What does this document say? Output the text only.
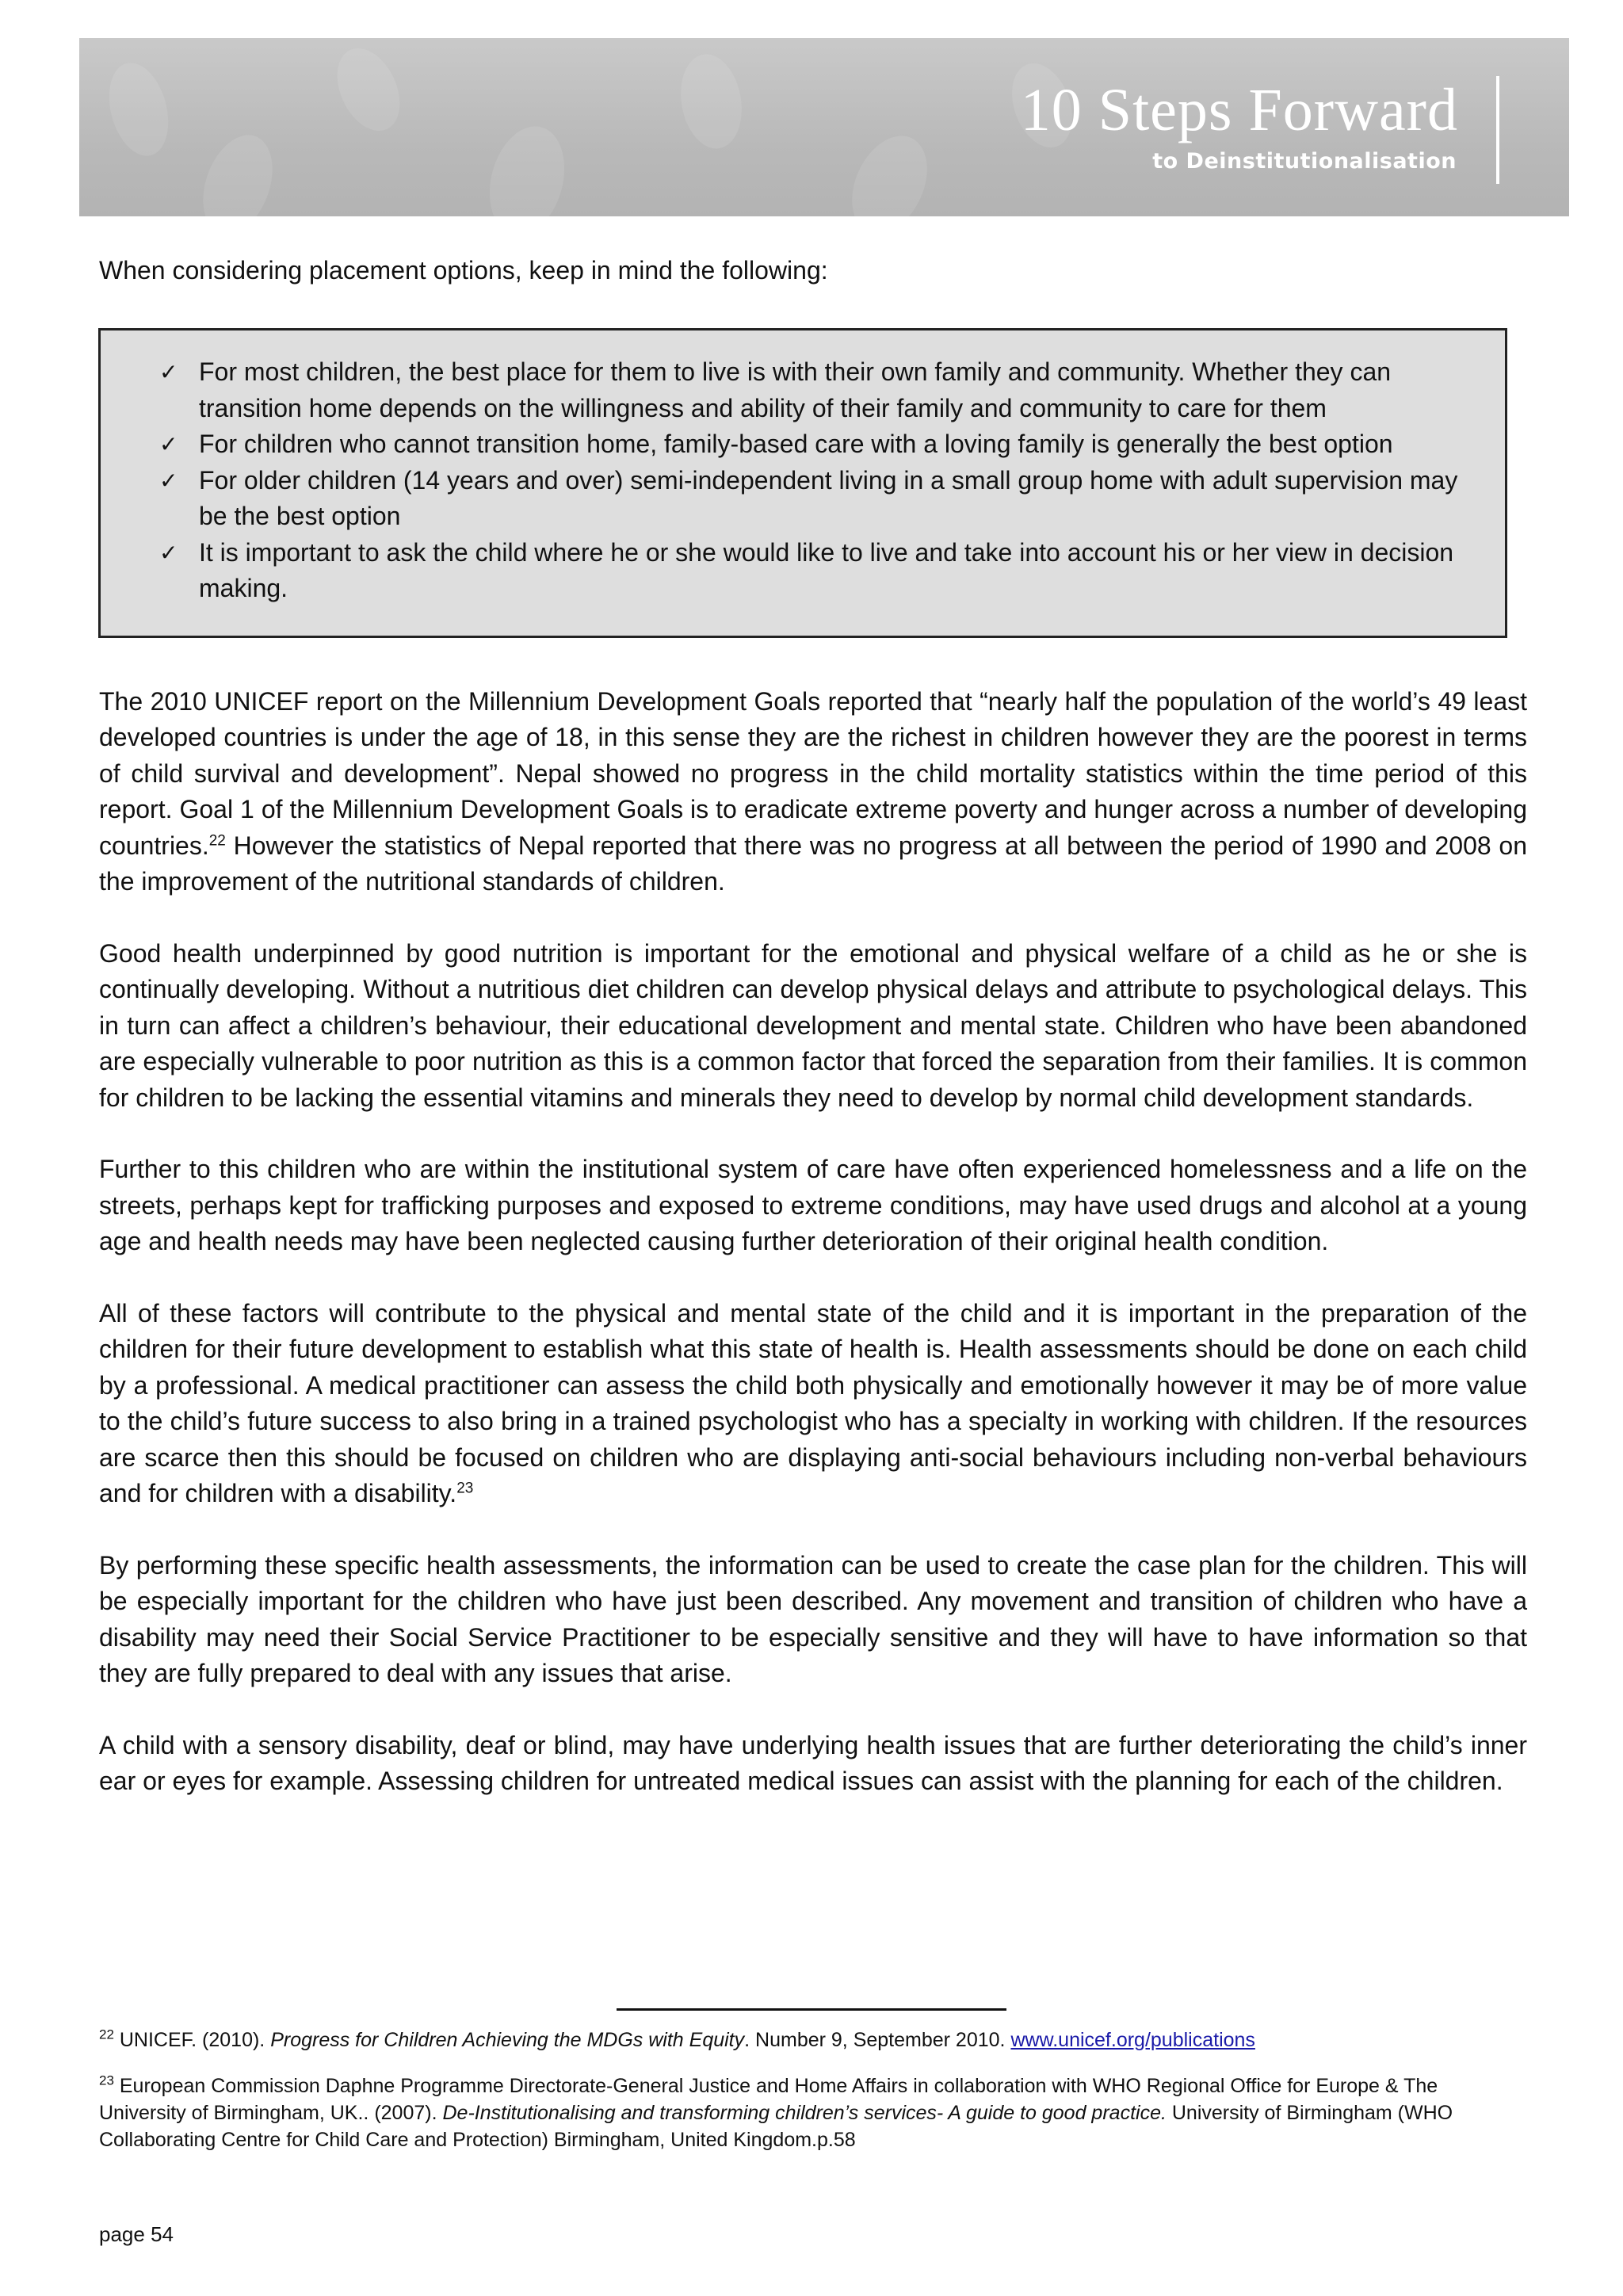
10 Steps Forward
to Deinstitutionalisation

When considering placement options, keep in mind the following:

✓ For most children, the best place for them to live is with their own family and community. Whether they can transition home depends on the willingness and ability of their family and community to care for them
✓ For children who cannot transition home, family-based care with a loving family is generally the best option
✓ For older children (14 years and over) semi-independent living in a small group home with adult supervision may be the best option
✓ It is important to ask the child where he or she would like to live and take into account his or her view in decision making.

The 2010 UNICEF report on the Millennium Development Goals reported that “nearly half the population of the world’s 49 least developed countries is under the age of 18, in this sense they are the richest in children however they are the poorest in terms of child survival and development”. Nepal showed no progress in the child mortality statistics within the time period of this report. Goal 1 of the Millennium Development Goals is to eradicate extreme poverty and hunger across a number of developing countries.$^{22}$ However the statistics of Nepal reported that there was no progress at all between the period of 1990 and 2008 on the improvement of the nutritional standards of children.

Good health underpinned by good nutrition is important for the emotional and physical welfare of a child as he or she is continually developing. Without a nutritious diet children can develop physical delays and attribute to psychological delays. This in turn can affect a children’s behaviour, their educational development and mental state. Children who have been abandoned are especially vulnerable to poor nutrition as this is a common factor that forced the separation from their families. It is common for children to be lacking the essential vitamins and minerals they need to develop by normal child development standards.

Further to this children who are within the institutional system of care have often experienced homelessness and a life on the streets, perhaps kept for trafficking purposes and exposed to extreme conditions, may have used drugs and alcohol at a young age and health needs may have been neglected causing further deterioration of their original health condition.

All of these factors will contribute to the physical and mental state of the child and it is important in the preparation of the children for their future development to establish what this state of health is. Health assessments should be done on each child by a professional. A medical practitioner can assess the child both physically and emotionally however it may be of more value to the child’s future success to also bring in a trained psychologist who has a specialty in working with children. If the resources are scarce then this should be focused on children who are displaying anti-social behaviours including non-verbal behaviours and for children with a disability.$^{23}$

By performing these specific health assessments, the information can be used to create the case plan for the children. This will be especially important for the children who have just been described. Any movement and transition of children who have a disability may need their Social Service Practitioner to be especially sensitive and they will have to have information so that they are fully prepared to deal with any issues that arise.

A child with a sensory disability, deaf or blind, may have underlying health issues that are further deteriorating the child’s inner ear or eyes for example. Assessing children for untreated medical issues can assist with the planning for each of the children.

$^{22}$ UNICEF. (2010). Progress for Children Achieving the MDGs with Equity. Number 9, September 2010. www.unicef.org/publications

$^{23}$ European Commission Daphne Programme Directorate-General Justice and Home Affairs in collaboration with WHO Regional Office for Europe & The University of Birmingham, UK.. (2007). De-Institutionalising and transforming children’s services- A guide to good practice. University of Birmingham (WHO Collaborating Centre for Child Care and Protection) Birmingham, United Kingdom.p.58

page 54
